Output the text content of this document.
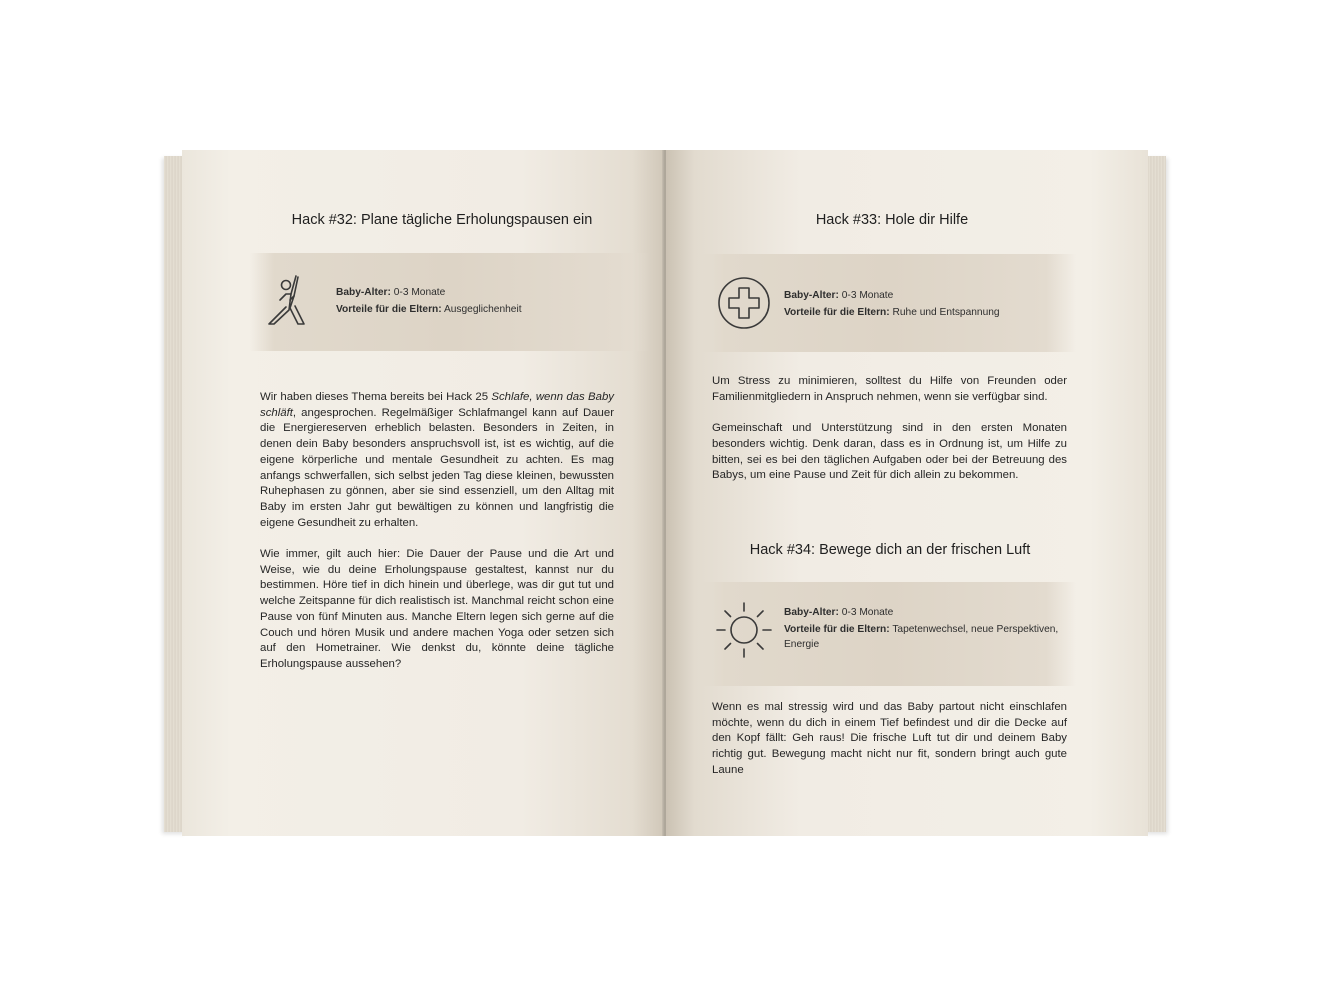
Hack #32: Plane tägliche Erholungspausen ein
Baby-Alter: 0-3 Monate
Vorteile für die Eltern: Ausgeglichenheit

Wir haben dieses Thema bereits bei Hack 25 Schlafe, wenn das Baby schläft, angesprochen. Regelmäßiger Schlafmangel kann auf Dauer die Energiereserven erheblich belasten. Besonders in Zeiten, in denen dein Baby besonders anspruchsvoll ist, ist es wichtig, auf die eigene körperliche und mentale Gesundheit zu achten. Es mag anfangs schwerfallen, sich selbst jeden Tag diese kleinen, bewussten Ruhephasen zu gönnen, aber sie sind essenziell, um den Alltag mit Baby im ersten Jahr gut bewältigen zu können und langfristig die eigene Gesundheit zu erhalten.

Wie immer, gilt auch hier: Die Dauer der Pause und die Art und Weise, wie du deine Erholungspause gestaltest, kannst nur du bestimmen. Höre tief in dich hinein und überlege, was dir gut tut und welche Zeitspanne für dich realistisch ist. Manchmal reicht schon eine Pause von fünf Minuten aus. Manche Eltern legen sich gerne auf die Couch und hören Musik und andere machen Yoga oder setzen sich auf den Hometrainer. Wie denkst du, könnte deine tägliche Erholungspause aussehen?

Hack #33: Hole dir Hilfe
Baby-Alter: 0-3 Monate
Vorteile für die Eltern: Ruhe und Entspannung

Um Stress zu minimieren, solltest du Hilfe von Freunden oder Familienmitgliedern in Anspruch nehmen, wenn sie verfügbar sind.

Gemeinschaft und Unterstützung sind in den ersten Monaten besonders wichtig. Denk daran, dass es in Ordnung ist, um Hilfe zu bitten, sei es bei den täglichen Aufgaben oder bei der Betreuung des Babys, um eine Pause und Zeit für dich allein zu bekommen.

Hack #34: Bewege dich an der frischen Luft
Baby-Alter: 0-3 Monate
Vorteile für die Eltern: Tapetenwechsel, neue Perspektiven, Energie

Wenn es mal stressig wird und das Baby partout nicht einschlafen möchte, wenn du dich in einem Tief befindest und dir die Decke auf den Kopf fällt: Geh raus! Die frische Luft tut dir und deinem Baby richtig gut. Bewegung macht nicht nur fit, sondern bringt auch gute Laune
